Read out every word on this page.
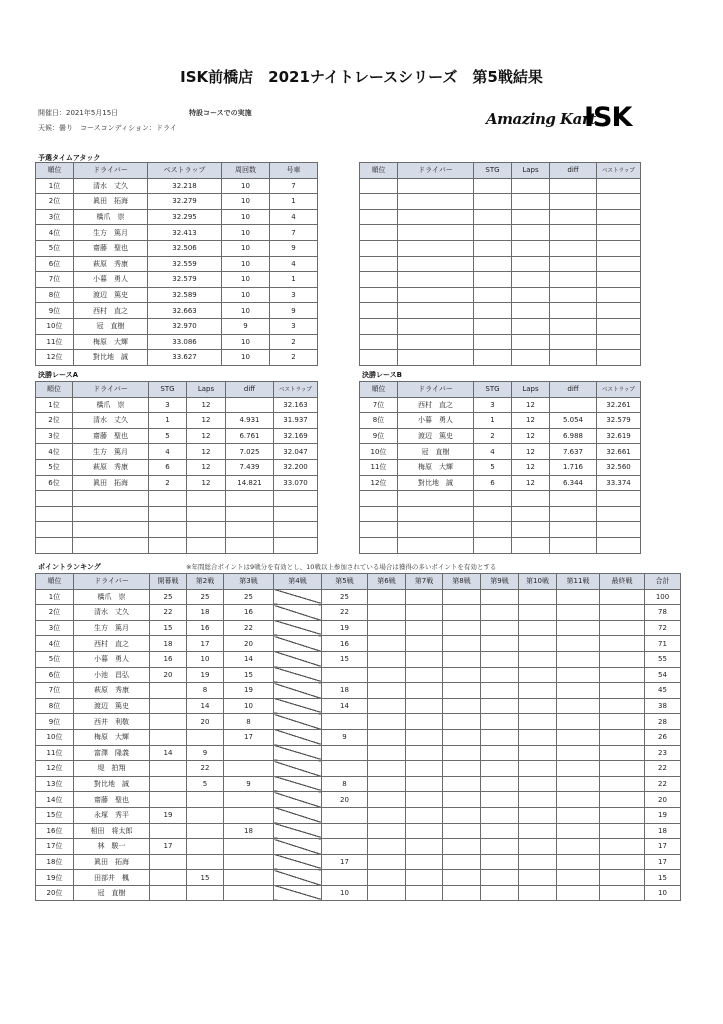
ISK前橋店　2021ナイトレースシリーズ　第5戦結果
開催日：2021年5月15日	特設コースでの実施
天候：曇り　コースコンディション：ドライ	Amazing Kart
ISK
予選タイムアタック
順位	ドライバー	ベストラップ	周回数	号車
1位	清水　丈久	32.218	10	7
2位	眞田　拓海	32.279	10	1
3位	橋爪　崇	32.295	10	4
4位	生方　篤月	32.413	10	7
5位	齋藤　聖也	32.506	10	9
6位	萩原　秀康	32.559	10	4
7位	小暮　勇人	32.579	10	1
8位	渡辺　篤史	32.589	10	3
9位	西村　直之	32.663	10	9
10位	冠　直樹	32.970	9	3
11位	梅原　大輝	33.086	10	2
12位	對比地　誠	33.627	10	2
順位	ドライバー	STG	Laps	diff	ベストラップ

決勝レースA
順位	ドライバー	STG	Laps	diff	ベストラップ
1位	橋爪　崇	3	12		32.163
2位	清水　丈久	1	12	4.931	31.937
3位	齋藤　聖也	5	12	6.761	32.169
4位	生方　篤月	4	12	7.025	32.047
5位	萩原　秀康	6	12	7.439	32.200
6位	眞田　拓海	2	12	14.821	33.070

決勝レースB
順位	ドライバー	STG	Laps	diff	ベストラップ
7位	西村　直之	3	12		32.261
8位	小暮　勇人	1	12	5.054	32.579
9位	渡辺　篤史	2	12	6.988	32.619
10位	冠　直樹	4	12	7.637	32.661
11位	梅原　大輝	5	12	1.716	32.560
12位	對比地　誠	6	12	6.344	33.374

ポイントランキング	※年間総合ポイントは9戦分を有効とし、10戦以上参加されている場合は獲得の多いポイントを有効とする
順位	ドライバー	開幕戦	第2戦	第3戦	第4戦	第5戦	第6戦	第7戦	第8戦	第9戦	第10戦	第11戦	最終戦	合計
1位	橋爪　崇	25	25	25		25								100
2位	清水　丈久	22	18	16		22								78
3位	生方　篤月	15	16	22		19								72
4位	西村　直之	18	17	20		16								71
5位	小暮　勇人	16	10	14		15								55
6位	小池　昌弘	20	19	15										54
7位	萩原　秀康		8	19		18								45
8位	渡辺　篤史		14	10		14								38
9位	西井　利敬		20	8										28
10位	梅原　大輝			17		9								26
11位	富澤　隆義	14	9											23
12位	堤　拍翔		22											22
13位	對比地　誠		5	9		8								22
14位	齋藤　聖也					20								20
15位	永塚　秀平	19												19
16位	相田　将太郎			18										18
17位	林　駿一	17												17
18位	眞田　拓海					17								17
19位	田部井　楓		15											15
20位	冠　直樹					10								10
